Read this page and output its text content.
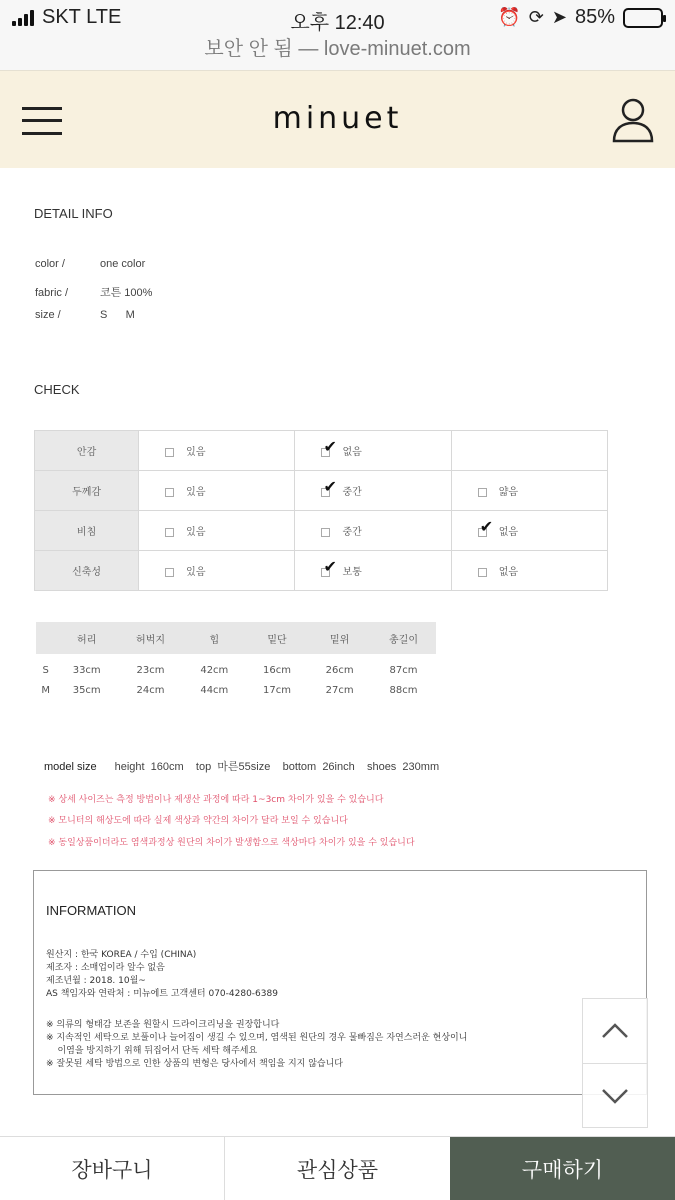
SKT LTE	오후 12:40	⏰ ⟳ ➤ 85%
보안 안 됨 — love-minuet.com
minuet
DETAIL INFO
color /	one color
fabric /	코튼 100%
size /	S      M
CHECK
안감	있음	✔없음	
두께감	있음	✔중간	얇음
비침	있음	중간	✔없음
신축성	있음	✔보통	없음
	허리	허벅지	힙	밑단	밑위	총길이
S	33cm	23cm	42cm	16cm	26cm	87cm
M	35cm	24cm	44cm	17cm	27cm	88cm
model size height  160cm    top  마른55size    bottom  26inch    shoes  230mm
※ 상세 사이즈는 측정 방법이나 제생산 과정에 따라 1~3cm 차이가 있을 수 있습니다
※ 모니터의 해상도에 따라 실제 색상과 약간의 차이가 달라 보일 수 있습니다
※ 동일상품이더라도 염색과정상 원단의 차이가 발생함으로 색상마다 차이가 있을 수 있습니다
INFORMATION
원산지 : 한국 KOREA / 수입 (CHINA)
제조자 : 소매업이라 알수 없음
제조년월 : 2018. 10월~
AS 책임자와 연락처 : 미뉴에트 고객센터 070-4280-6389
※ 의류의 형태감 보존을 원할시 드라이크리닝을 권장합니다
※ 지속적인 세탁으로 보풀이나 늘어짐이 생길 수 있으며, 염색된 원단의 경우 물빠짐은 자연스러운 현상이니
이염을 방지하기 위해 뒤집어서 단독 세탁 해주세요
※ 잘못된 세탁 방법으로 인한 상품의 변형은 당사에서 책임을 지지 않습니다
장바구니	관심상품	구매하기
